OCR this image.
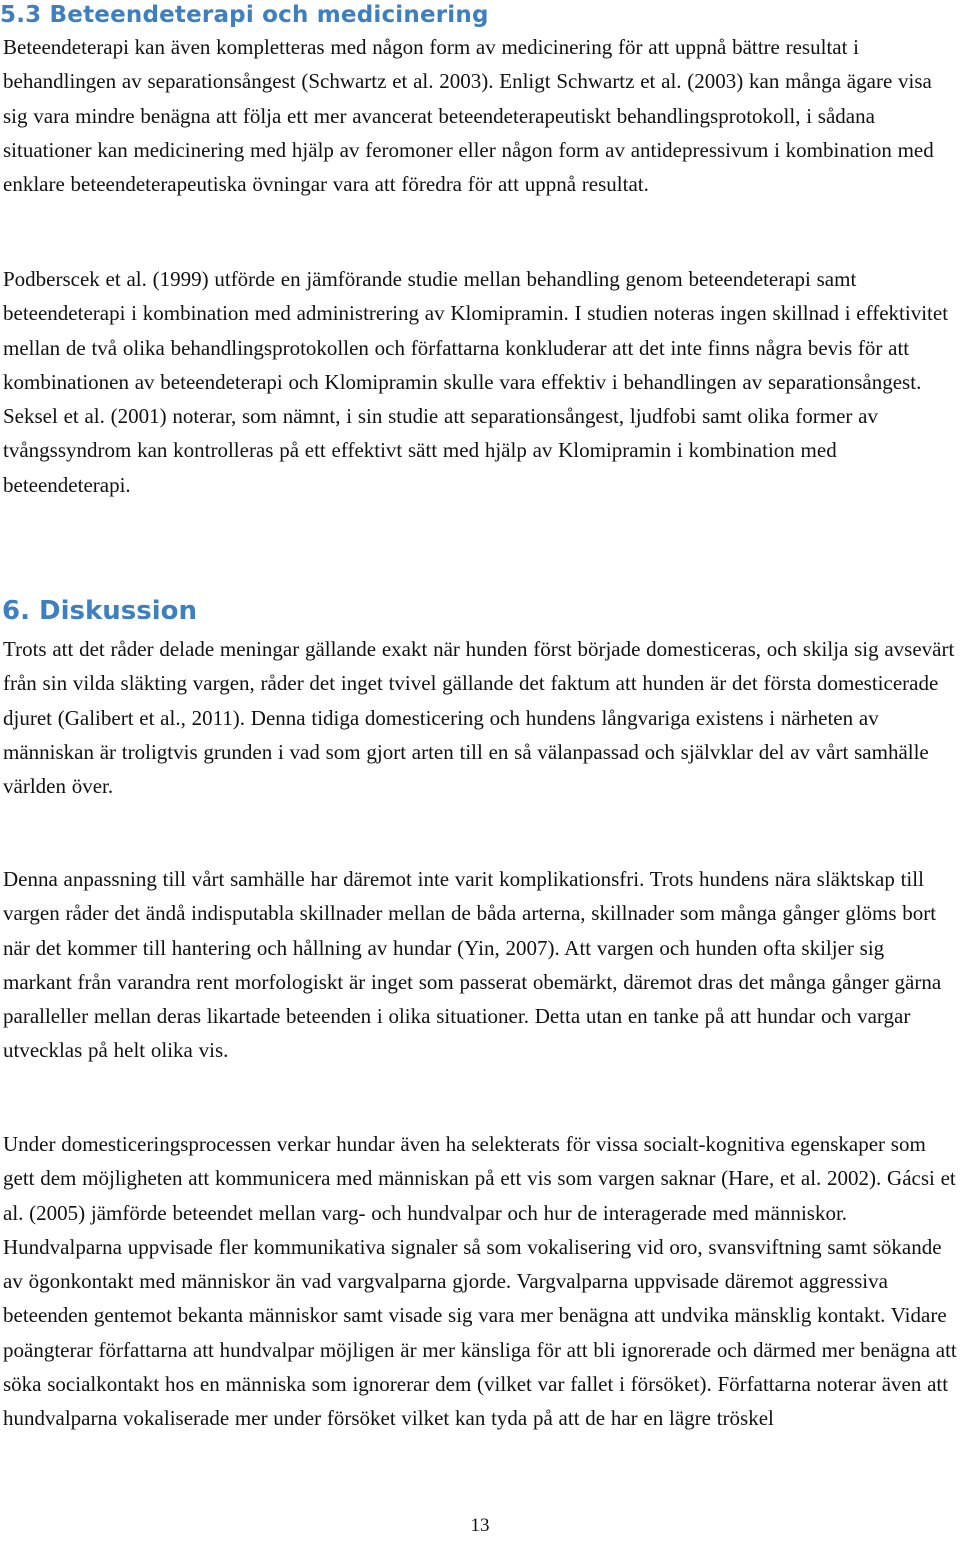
5.3 Beteendeterapi och medicinering

Beteendeterapi kan även kompletteras med någon form av medicinering för att uppnå bättre resultat i behandlingen av separationsångest (Schwartz et al. 2003). Enligt Schwartz et al. (2003) kan många ägare visa sig vara mindre benägna att följa ett mer avancerat beteendeterapeutiskt behandlingsprotokoll, i sådana situationer kan medicinering med hjälp av feromoner eller någon form av antidepressivum i kombination med enklare beteendeterapeutiska övningar vara att föredra för att uppnå resultat.

Podberscek et al. (1999) utförde en jämförande studie mellan behandling genom beteendeterapi samt beteendeterapi i kombination med administrering av Klomipramin. I studien noteras ingen skillnad i effektivitet mellan de två olika behandlingsprotokollen och författarna konkluderar att det inte finns några bevis för att kombinationen av beteendeterapi och Klomipramin skulle vara effektiv i behandlingen av separationsångest. Seksel et al. (2001) noterar, som nämnt, i sin studie att separationsångest, ljudfobi samt olika former av tvångssyndrom kan kontrolleras på ett effektivt sätt med hjälp av Klomipramin i kombination med beteendeterapi.

6. Diskussion

Trots att det råder delade meningar gällande exakt när hunden först började domesticeras, och skilja sig avsevärt från sin vilda släkting vargen, råder det inget tvivel gällande det faktum att hunden är det första domesticerade djuret (Galibert et al., 2011). Denna tidiga domesticering och hundens långvariga existens i närheten av människan är troligtvis grunden i vad som gjort arten till en så välanpassad och självklar del av vårt samhälle världen över.

Denna anpassning till vårt samhälle har däremot inte varit komplikationsfri. Trots hundens nära släktskap till vargen råder det ändå indisputabla skillnader mellan de båda arterna, skillnader som många gånger glöms bort när det kommer till hantering och hållning av hundar (Yin, 2007). Att vargen och hunden ofta skiljer sig markant från varandra rent morfologiskt är inget som passerat obemärkt, däremot dras det många gånger gärna paralleller mellan deras likartade beteenden i olika situationer. Detta utan en tanke på att hundar och vargar utvecklas på helt olika vis.

Under domesticeringsprocessen verkar hundar även ha selekterats för vissa socialt-kognitiva egenskaper som gett dem möjligheten att kommunicera med människan på ett vis som vargen saknar (Hare, et al. 2002). Gácsi et al. (2005) jämförde beteendet mellan varg- och hundvalpar och hur de interagerade med människor. Hundvalparna uppvisade fler kommunikativa signaler så som vokalisering vid oro, svansviftning samt sökande av ögonkontakt med människor än vad vargvalparna gjorde. Vargvalparna uppvisade däremot aggressiva beteenden gentemot bekanta människor samt visade sig vara mer benägna att undvika mänsklig kontakt. Vidare poängterar författarna att hundvalpar möjligen är mer känsliga för att bli ignorerade och därmed mer benägna att söka socialkontakt hos en människa som ignorerar dem (vilket var fallet i försöket). Författarna noterar även att hundvalparna vokaliserade mer under försöket vilket kan tyda på att de har en lägre tröskel

13
